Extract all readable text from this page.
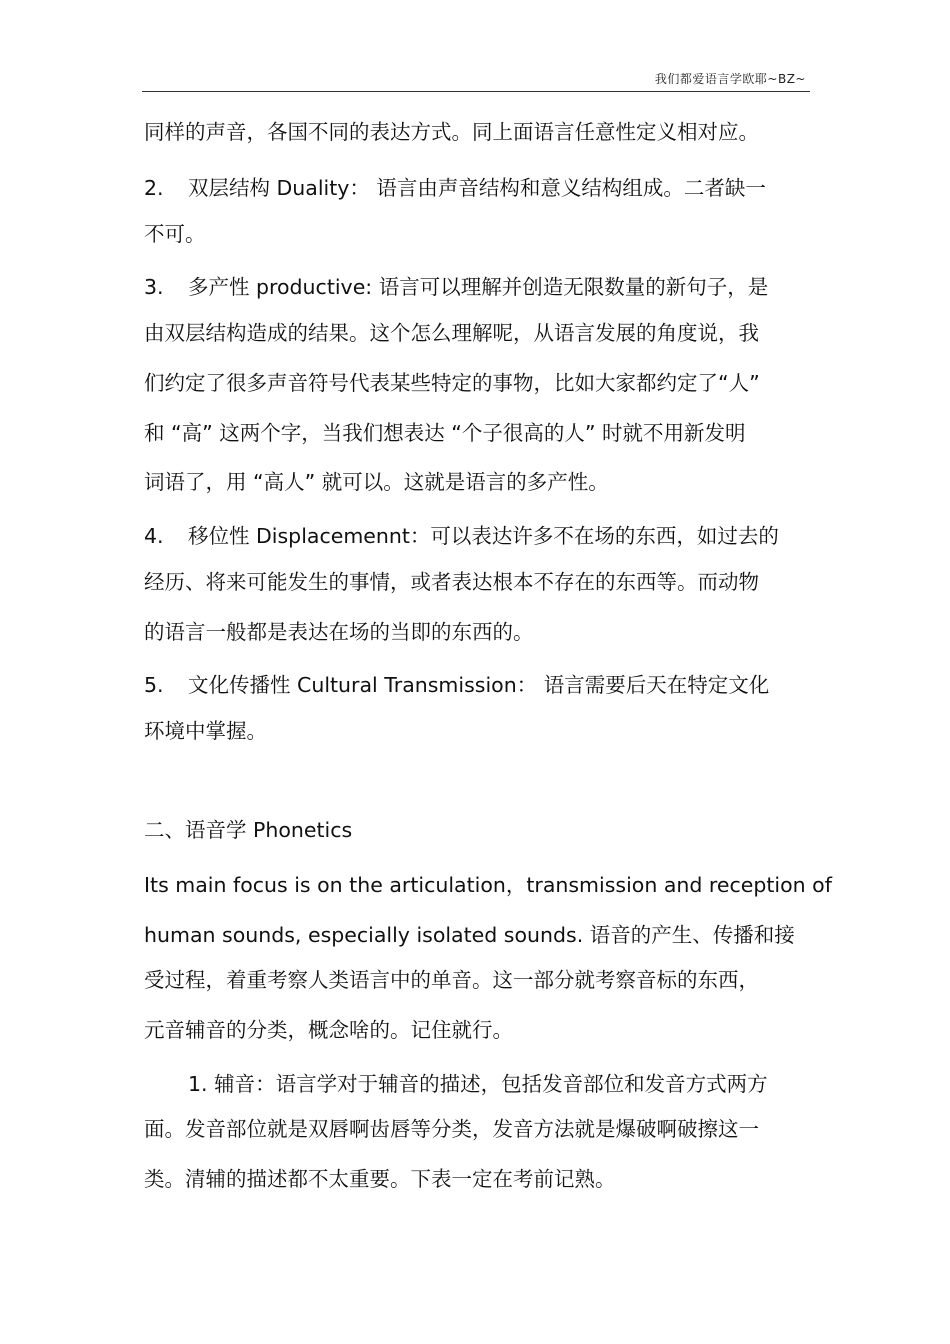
我们都爱语言学欧耶~BZ~
同样的声音，各国不同的表达方式。同上面语言任意性定义相对应。
2. 双层结构 Duality： 语言由声音结构和意义结构组成。二者缺一
不可。
3. 多产性 productive: 语言可以理解并创造无限数量的新句子，是
由双层结构造成的结果。这个怎么理解呢，从语言发展的角度说，我
们约定了很多声音符号代表某些特定的事物，比如大家都约定了“人”
和 “高” 这两个字，当我们想表达 “个子很高的人” 时就不用新发明
词语了，用 “高人” 就可以。这就是语言的多产性。
4. 移位性 Displacemennt：可以表达许多不在场的东西，如过去的
经历、将来可能发生的事情，或者表达根本不存在的东西等。而动物
的语言一般都是表达在场的当即的东西的。
5. 文化传播性 Cultural Transmission： 语言需要后天在特定文化
环境中掌握。
二、语音学 Phonetics
Its main focus is on the articulation，transmission and reception of
human sounds, especially isolated sounds. 语音的产生、传播和接
受过程，着重考察人类语言中的单音。这一部分就考察音标的东西，
元音辅音的分类，概念啥的。记住就行。
1. 辅音：语言学对于辅音的描述，包括发音部位和发音方式两方
面。发音部位就是双唇啊齿唇等分类，发音方法就是爆破啊破擦这一
类。清辅的描述都不太重要。下表一定在考前记熟。
